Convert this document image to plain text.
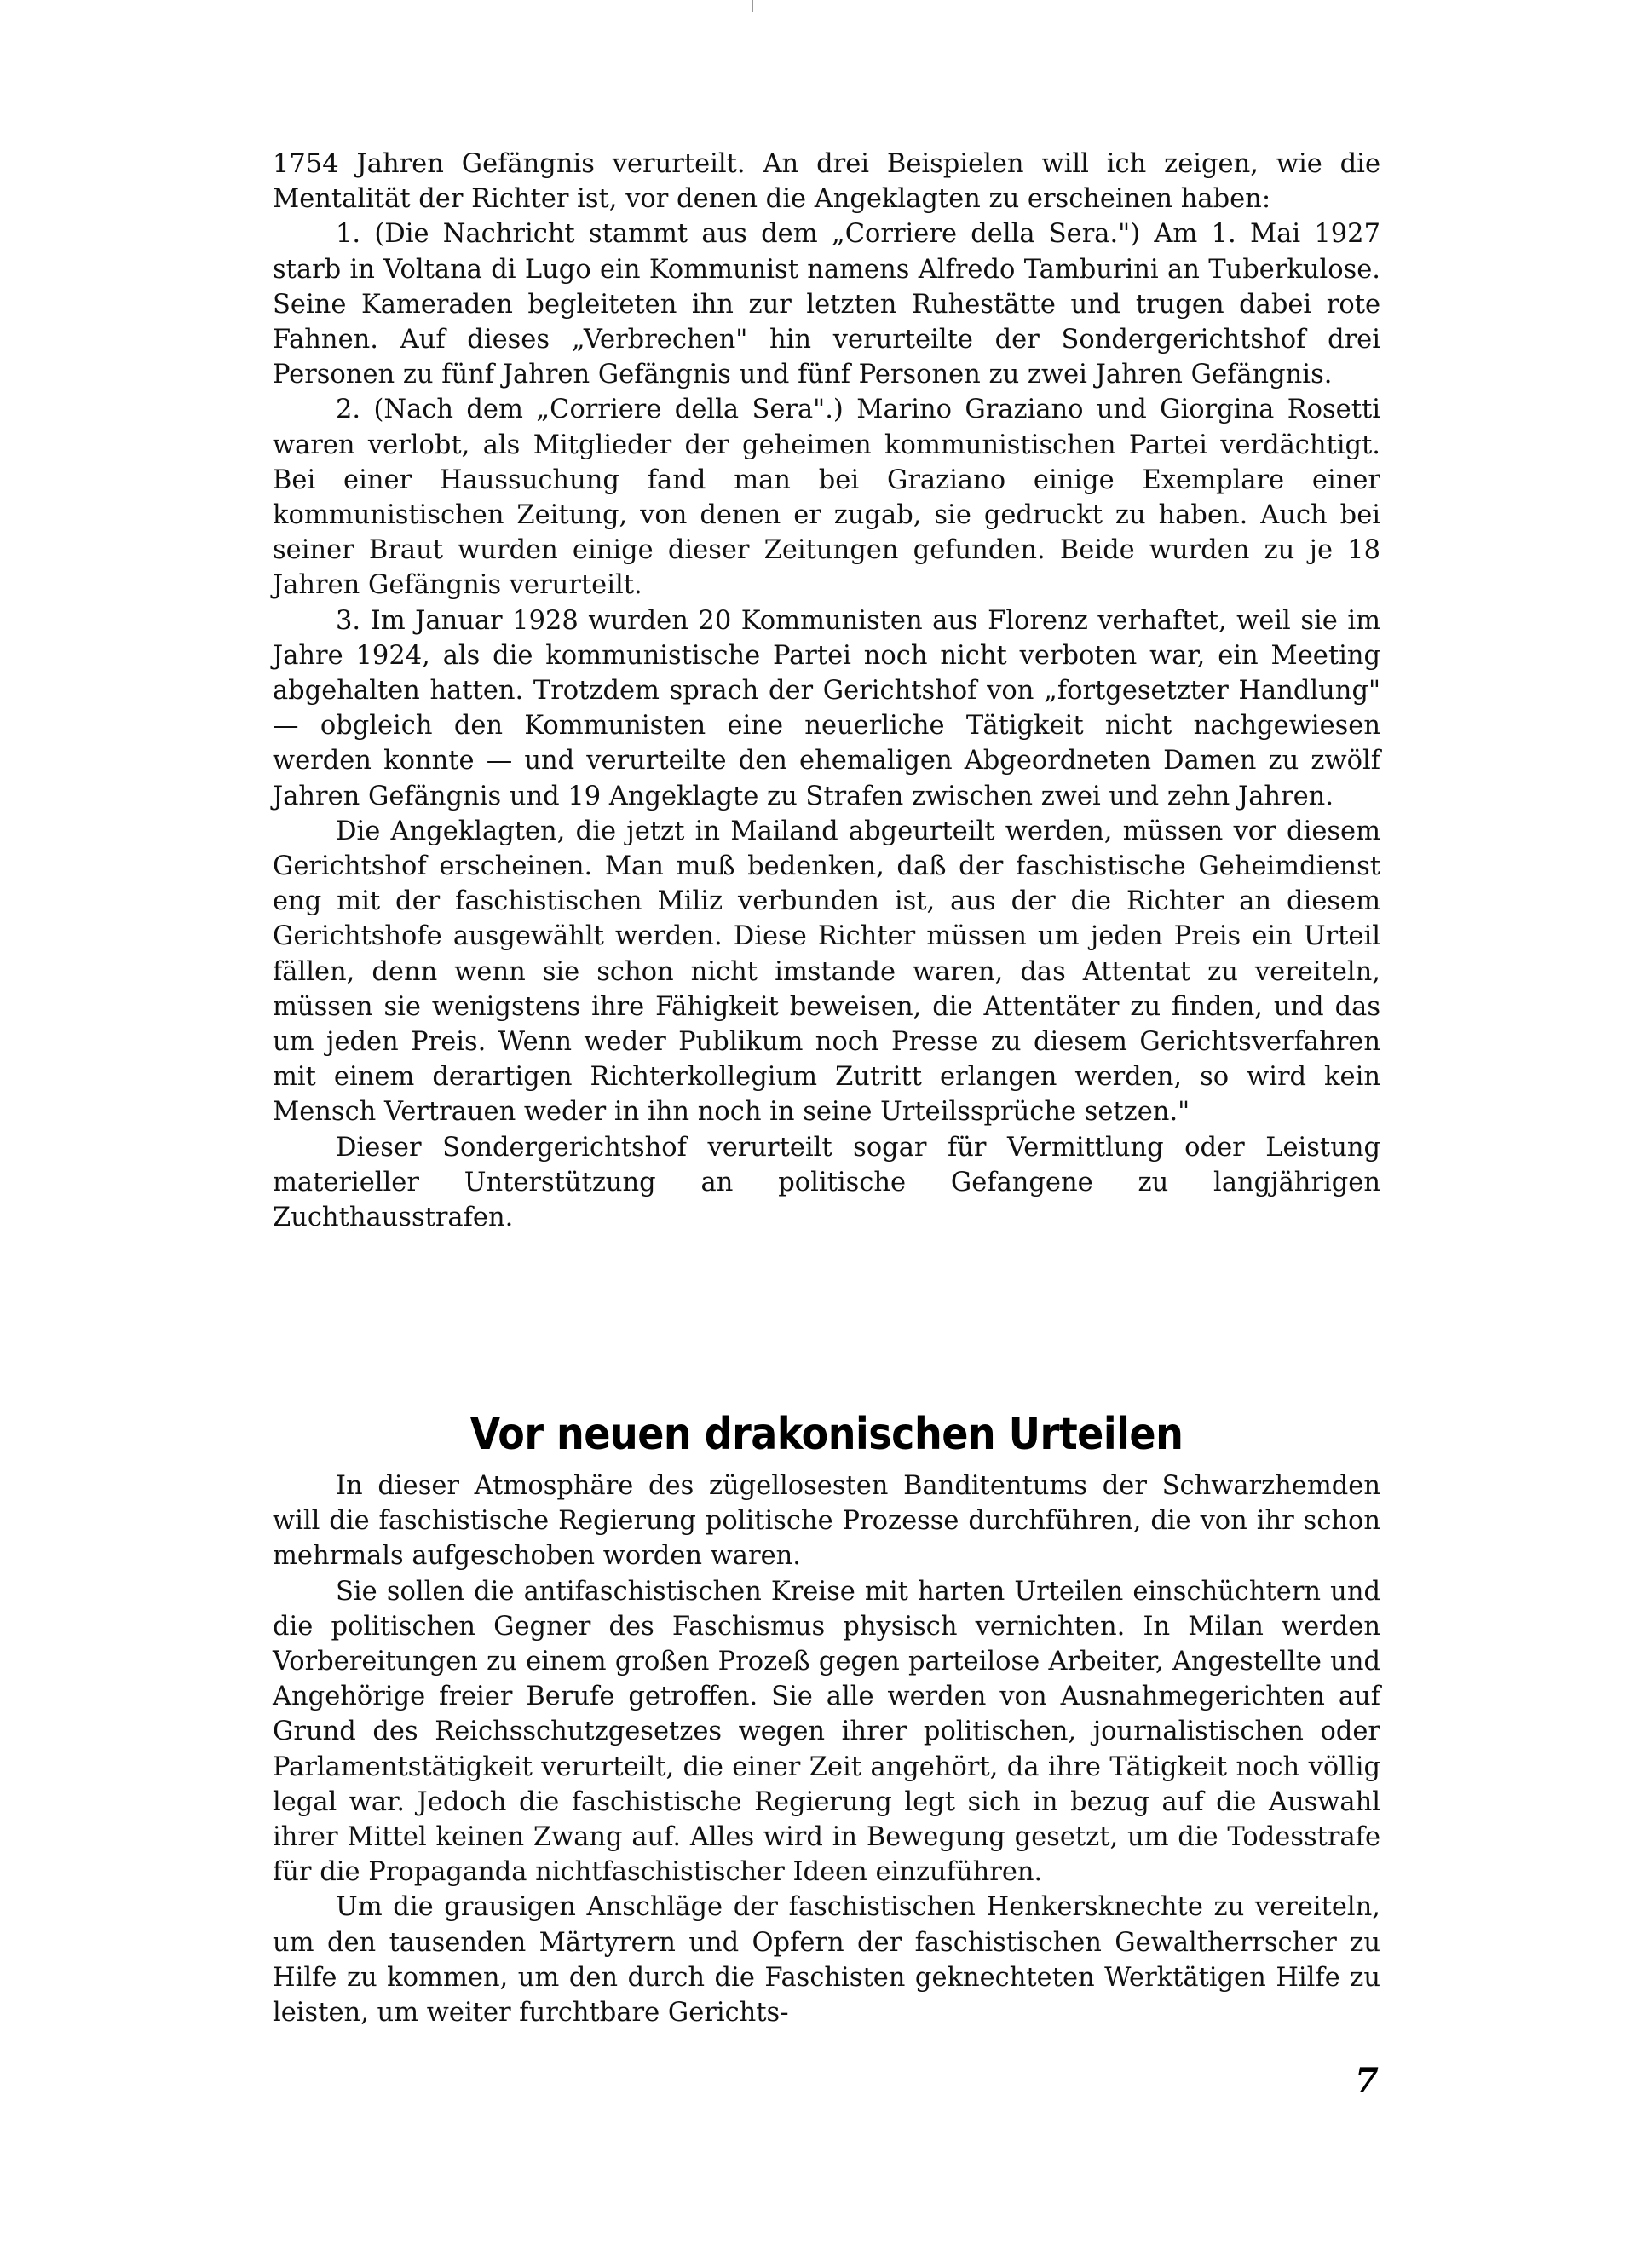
1754 Jahren Gefängnis verurteilt. An drei Beispielen will ich zeigen, wie die Mentalität der Richter ist, vor denen die Angeklagten zu erscheinen haben:

1. (Die Nachricht stammt aus dem „Corriere della Sera.") Am 1. Mai 1927 starb in Voltana di Lugo ein Kommunist namens Alfredo Tamburini an Tuberkulose. Seine Kameraden begleiteten ihn zur letzten Ruhestätte und trugen dabei rote Fahnen. Auf dieses „Verbrechen" hin verurteilte der Sondergerichtshof drei Personen zu fünf Jahren Gefängnis und fünf Personen zu zwei Jahren Gefängnis.

2. (Nach dem „Corriere della Sera".) Marino Graziano und Giorgina Rosetti waren verlobt, als Mitglieder der geheimen kommunistischen Partei verdächtigt. Bei einer Haussuchung fand man bei Graziano einige Exemplare einer kommunistischen Zeitung, von denen er zugab, sie gedruckt zu haben. Auch bei seiner Braut wurden einige dieser Zeitungen gefunden. Beide wurden zu je 18 Jahren Gefängnis verurteilt.

3. Im Januar 1928 wurden 20 Kommunisten aus Florenz verhaftet, weil sie im Jahre 1924, als die kommunistische Partei noch nicht verboten war, ein Meeting abgehalten hatten. Trotzdem sprach der Gerichtshof von „fortgesetzter Handlung" — obgleich den Kommunisten eine neuerliche Tätigkeit nicht nachgewiesen werden konnte — und verurteilte den ehemaligen Abgeordneten Damen zu zwölf Jahren Gefängnis und 19 Angeklagte zu Strafen zwischen zwei und zehn Jahren.

Die Angeklagten, die jetzt in Mailand abgeurteilt werden, müssen vor diesem Gerichtshof erscheinen. Man muß bedenken, daß der faschistische Geheimdienst eng mit der faschistischen Miliz verbunden ist, aus der die Richter an diesem Gerichtshofe ausgewählt werden. Diese Richter müssen um jeden Preis ein Urteil fällen, denn wenn sie schon nicht imstande waren, das Attentat zu vereiteln, müssen sie wenigstens ihre Fähigkeit beweisen, die Attentäter zu finden, und das um jeden Preis. Wenn weder Publikum noch Presse zu diesem Gerichtsverfahren mit einem derartigen Richterkollegium Zutritt erlangen werden, so wird kein Mensch Vertrauen weder in ihn noch in seine Urteilssprüche setzen."

Dieser Sondergerichtshof verurteilt sogar für Vermittlung oder Leistung materieller Unterstützung an politische Gefangene zu langjährigen Zuchthausstrafen.

Vor neuen drakonischen Urteilen

In dieser Atmosphäre des zügellosesten Banditentums der Schwarzhemden will die faschistische Regierung politische Prozesse durchführen, die von ihr schon mehrmals aufgeschoben worden waren.

Sie sollen die antifaschistischen Kreise mit harten Urteilen einschüchtern und die politischen Gegner des Faschismus physisch vernichten. In Milan werden Vorbereitungen zu einem großen Prozeß gegen parteilose Arbeiter, Angestellte und Angehörige freier Berufe getroffen. Sie alle werden von Ausnahmegerichten auf Grund des Reichsschutzgesetzes wegen ihrer politischen, journalistischen oder Parlamentstätigkeit verurteilt, die einer Zeit angehört, da ihre Tätigkeit noch völlig legal war. Jedoch die faschistische Regierung legt sich in bezug auf die Auswahl ihrer Mittel keinen Zwang auf. Alles wird in Bewegung gesetzt, um die Todesstrafe für die Propaganda nichtfaschistischer Ideen einzuführen.

Um die grausigen Anschläge der faschistischen Henkersknechte zu vereiteln, um den tausenden Märtyrern und Opfern der faschistischen Gewaltherrscher zu Hilfe zu kommen, um den durch die Faschisten geknechteten Werktätigen Hilfe zu leisten, um weiter furchtbare Gerichts-

7
